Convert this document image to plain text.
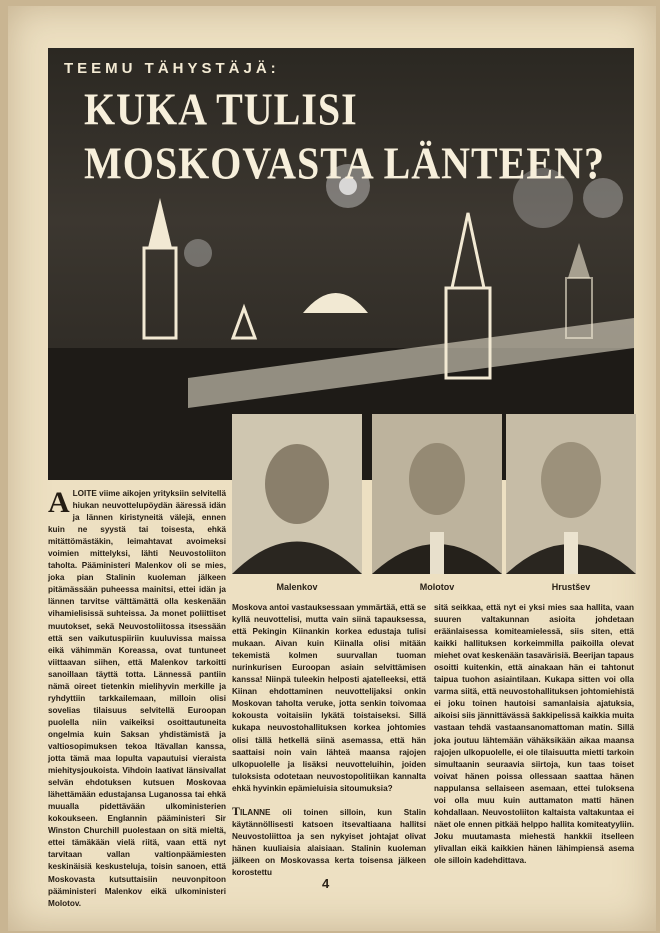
TEEMU TÄHYSTÄJÄ:
KUKA TULISI MOSKOVASTA LÄNTEEN?
Malenkov	Molotov	Hrustšev
A LOITE viime aikojen yrityksiin selvitellä hiukan neuvottelupöydän ääressä idän ja lännen kiristyneitä välejä, ennen kuin ne syystä tai toisesta, ehkä mitättömästäkin, leimahtavat avoimeksi voimien mittelyksi, lähti Neuvostoliiton taholta. Pääministeri Malenkov oli se mies, joka pian Stalinin kuoleman jälkeen pitämässään puheessa mainitsi, ettei idän ja lännen tarvitse välttämättä olla keskenään vihamielisissä suhteissa. Ja monet poliittiset muutokset, sekä Neuvostoliitossa itsessään että sen vaikutuspiiriin kuuluvissa maissa eikä vähimmän Koreassa, ovat tuntuneet viittaavan siihen, että Malenkov tarkoitti sanoillaan täyttä totta. Lännessä pantiin nämä oireet tietenkin mielihyvin merkille ja ryhdyttiin tarkkailemaan, milloin olisi sovelias tilaisuus selvitellä Euroopan puolella niin vaikeiksi osoittautuneita ongelmia kuin Saksan yhdistämistä ja valtiosopimuksen tekoa Itävallan kanssa, jotta tämä maa lopulta vapautuisi vieraista miehitysjoukoista. Vihdoin laativat länsivallat selvän ehdotuksen kutsuen Moskovaa lähettämään edustajansa Luganossa tai ehkä muualla pidettävään ulkoministerien kokoukseen. Englannin pääministeri Sir Winston Churchill puolestaan on sitä mieltä, ettei tämäkään vielä riitä, vaan että nyt tarvitaan vallan valtionpäämiesten keskinäisiä keskusteluja, toisin sanoen, että Moskovasta kutsuttaisiin neuvonpitoon pääministeri Malenkov eikä ulkoministeri Molotov.

Moskova antoi vastauksessaan ymmärtää, että se kyllä neuvottelisi, mutta vain siinä tapauksessa, että Pekingin Kiinankin korkea edustaja tulisi mukaan. Aivan kuin Kiinalla olisi mitään tekemistä kolmen suurvallan tuoman nurinkurisen Euroopan asiain selvittämisen kanssa! Niinpä tuleekin helposti ajatelleeksi, että Kiinan ehdottaminen neuvottelijaksi onkin Moskovan taholta veruke, jotta senkin toivomaa kokousta voitaisiin lykätä toistaiseksi. Sillä kukapa neuvostohallituksen korkea johtomies olisi tällä hetkellä siinä asemassa, että hän saattaisi noin vain lähteä maansa rajojen ulkopuolelle ja lisäksi neuvotteluihin, joiden tuloksista odotetaan neuvostopolitiikan kannalta ehkä hyvinkin epämieluisia sitoumuksia?

TILANNE oli toinen silloin, kun Stalin käytännöllisesti katsoen itsevaltiaana hallitsi Neuvostoliittoa ja sen nykyiset johtajat olivat hänen kuuliaisia alaisiaan. Stalinin kuoleman jälkeen on Moskovassa kerta toisensa jälkeen korostettu

sitä seikkaa, että nyt ei yksi mies saa hallita, vaan suuren valtakunnan asioita johdetaan eräänlaisessa komiteamielessä, siis siten, että kaikki hallituksen korkeimmilla paikoilla olevat miehet ovat keskenään tasavärisiä. Beerijan tapaus osoitti kuitenkin, että ainakaan hän ei tahtonut taipua tuohon asiaintilaan. Kukapa sitten voi olla varma siitä, että neuvostohallituksen johtomiehistä ei joku toinen hautoisi samanlaisia ajatuksia, aikoisi siis jännittävässä šakkipelissä kaikkia muita vastaan tehdä vastaansanomattoman matin. Sillä joka joutuu lähtemään vähäksikään aikaa maansa rajojen ulkopuolelle, ei ole tilaisuutta mietti tarkoin simultaanin seuraavia siirtoja, kun taas toiset voivat hänen poissa ollessaan saattaa hänen nappulansa sellaiseen asemaan, ettei tuloksena voi olla muu kuin auttamaton matti hänen kohdallaan. Neuvostoliiton kaltaista valtakuntaa ei näet ole ennen pitkää helppo hallita komiteatyyliin. Joku muutamasta miehestä hankkii itselleen ylivallan eikä kaikkien hänen lähimpiensä asema ole silloin kadehdittava.

4
